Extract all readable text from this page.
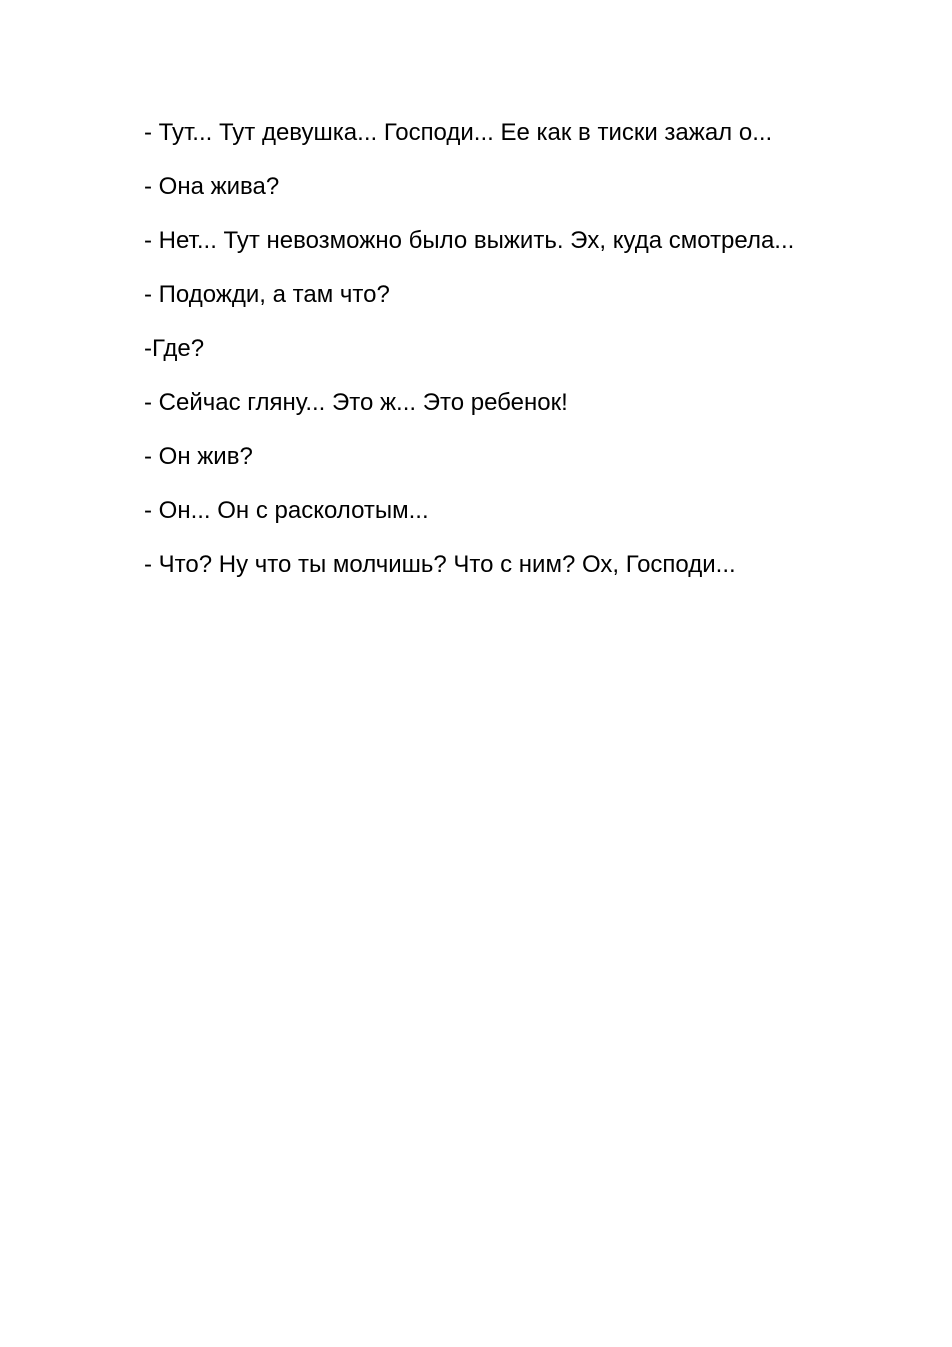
- Тут... Тут девушка... Господи... Ее как в тиски зажал о...

- Она жива?

- Нет... Тут невозможно было выжить. Эх, куда смотрела...

- Подожди, а там что?

-Где?

- Сейчас гляну... Это ж... Это ребенок!

- Он жив?

- Он... Он с расколотым...

- Что? Ну что ты молчишь? Что с ним? Ох, Господи...
